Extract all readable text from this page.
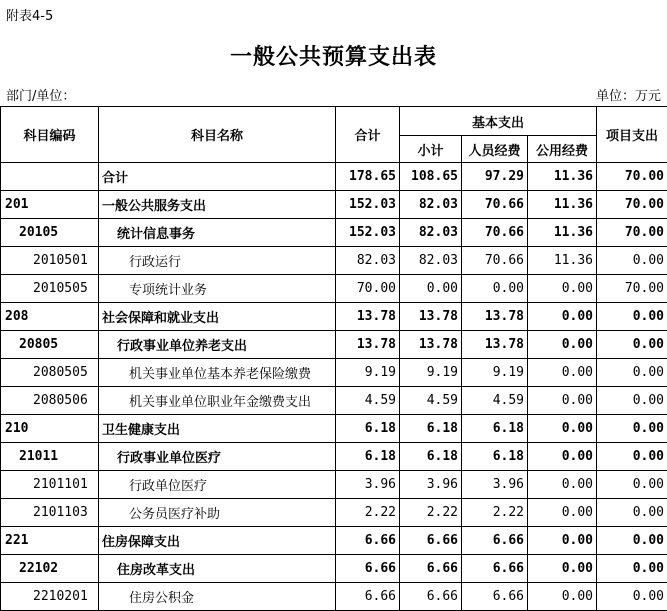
附表4-5
一般公共预算支出表
部门/单位：	单位：万元
科目编码	科目名称	合计	基本支出			项目支出
			小计	人员经费	公用经费	
	合计	178.65	108.65	97.29	11.36	70.00
201	一般公共服务支出	152.03	82.03	70.66	11.36	70.00
20105	统计信息事务	152.03	82.03	70.66	11.36	70.00
2010501	行政运行	82.03	82.03	70.66	11.36	0.00
2010505	专项统计业务	70.00	0.00	0.00	0.00	70.00
208	社会保障和就业支出	13.78	13.78	13.78	0.00	0.00
20805	行政事业单位养老支出	13.78	13.78	13.78	0.00	0.00
2080505	机关事业单位基本养老保险缴费	9.19	9.19	9.19	0.00	0.00
2080506	机关事业单位职业年金缴费支出	4.59	4.59	4.59	0.00	0.00
210	卫生健康支出	6.18	6.18	6.18	0.00	0.00
21011	行政事业单位医疗	6.18	6.18	6.18	0.00	0.00
2101101	行政单位医疗	3.96	3.96	3.96	0.00	0.00
2101103	公务员医疗补助	2.22	2.22	2.22	0.00	0.00
221	住房保障支出	6.66	6.66	6.66	0.00	0.00
22102	住房改革支出	6.66	6.66	6.66	0.00	0.00
2210201	住房公积金	6.66	6.66	6.66	0.00	0.00
